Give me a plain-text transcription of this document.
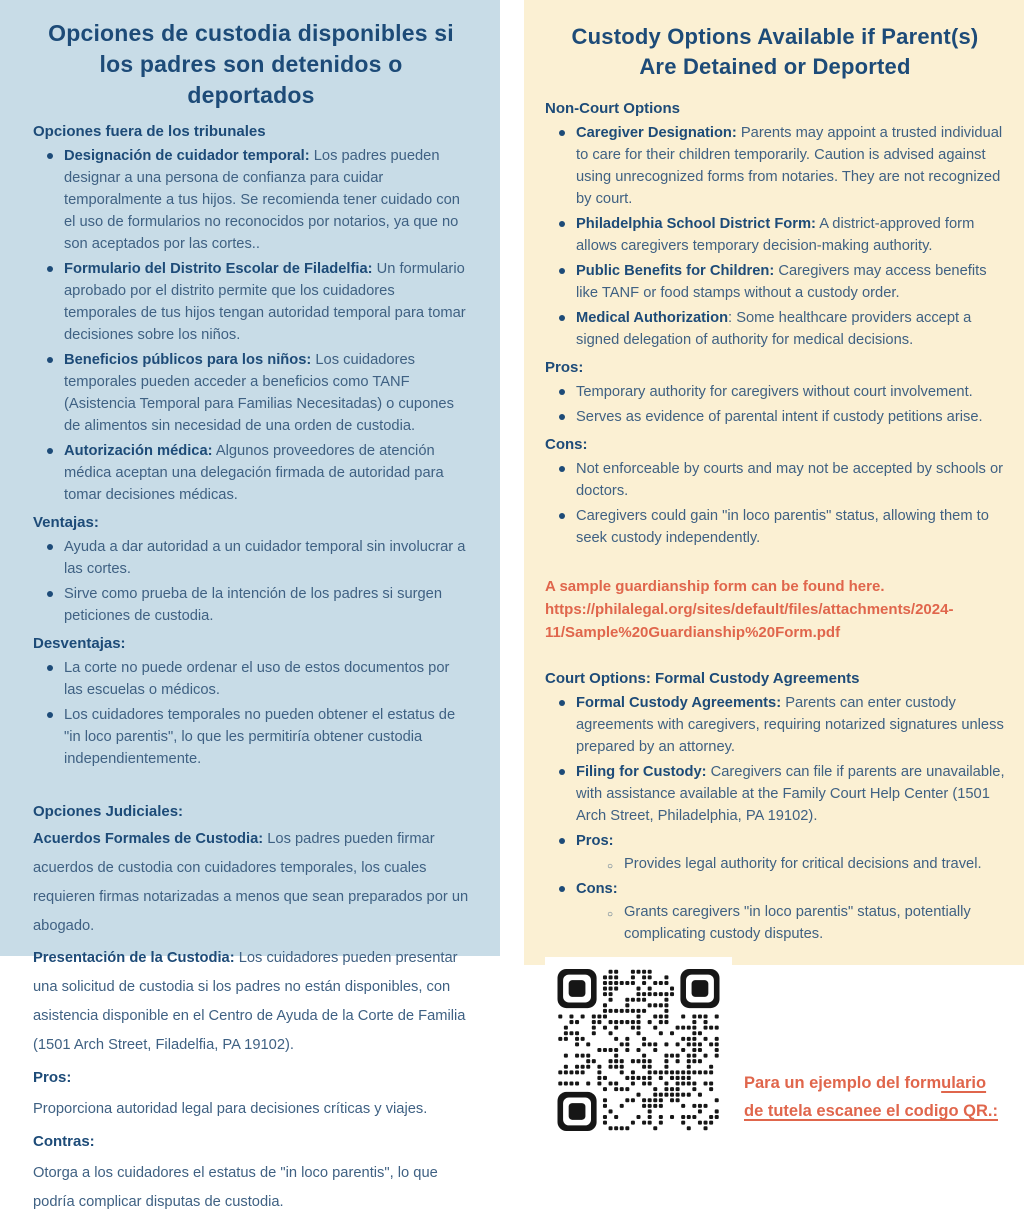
Opciones de custodia disponibles si los padres son detenidos o deportados

Opciones fuera de los tribunales

Designación de cuidador temporal: Los padres pueden designar a una persona de confianza para cuidar temporalmente a tus hijos. Se recomienda tener cuidado con el uso de formularios no reconocidos por notarios, ya que no son aceptados por las cortes..
Formulario del Distrito Escolar de Filadelfia: Un formulario aprobado por el distrito permite que los cuidadores temporales de tus hijos tengan autoridad temporal para tomar decisiones sobre los niños.
Beneficios públicos para los niños: Los cuidadores temporales pueden acceder a beneficios como TANF (Asistencia Temporal para Familias Necesitadas) o cupones de alimentos sin necesidad de una orden de custodia.
Autorización médica: Algunos proveedores de atención médica aceptan una delegación firmada de autoridad para tomar decisiones médicas.

Ventajas:

Ayuda a dar autoridad a un cuidador temporal sin involucrar a las cortes.
Sirve como prueba de la intención de los padres si surgen peticiones de custodia.

Desventajas:

La corte no puede ordenar el uso de estos documentos por las escuelas o médicos.
Los cuidadores temporales no pueden obtener el estatus de "in loco parentis", lo que les permitiría obtener custodia independientemente.

Opciones Judiciales:

Acuerdos Formales de Custodia: Los padres pueden firmar acuerdos de custodia con cuidadores temporales, los cuales requieren firmas notarizadas a menos que sean preparados por un abogado.

Presentación de la Custodia: Los cuidadores pueden presentar una solicitud de custodia si los padres no están disponibles, con asistencia disponible en el Centro de Ayuda de la Corte de Familia (1501 Arch Street, Filadelfia, PA 19102).

Pros:

Proporciona autoridad legal para decisiones críticas y viajes.

Contras:

Otorga a los cuidadores el estatus de "in loco parentis", lo que podría complicar disputas de custodia.

Custody Options Available if Parent(s) Are Detained or Deported

Non-Court Options

Caregiver Designation: Parents may appoint a trusted individual to care for their children temporarily. Caution is advised against using unrecognized forms from notaries. They are not recognized by court.
Philadelphia School District Form: A district-approved form allows caregivers temporary decision-making authority.
Public Benefits for Children: Caregivers may access benefits like TANF or food stamps without a custody order.
Medical Authorization: Some healthcare providers accept a signed delegation of authority for medical decisions.

Pros:

Temporary authority for caregivers without court involvement.
Serves as evidence of parental intent if custody petitions arise.

Cons:

Not enforceable by courts and may not be accepted by schools or doctors.
Caregivers could gain "in loco parentis" status, allowing them to seek custody independently.

A sample guardianship form can be found here.

https://philalegal.org/sites/default/files/attachments/2024-11/Sample%20Guardianship%20Form.pdf

Court Options: Formal Custody Agreements

Formal Custody Agreements: Parents can enter custody agreements with caregivers, requiring notarized signatures unless prepared by an attorney.
Filing for Custody: Caregivers can file if parents are unavailable, with assistance available at the Family Court Help Center (1501 Arch Street, Philadelphia, PA 19102).
Pros:
○ Provides legal authority for critical decisions and travel.
Cons:
○ Grants caregivers "in loco parentis" status, potentially complicating custody disputes.

Para un ejemplo del formulario
de tutela escanee el codigo QR.:
